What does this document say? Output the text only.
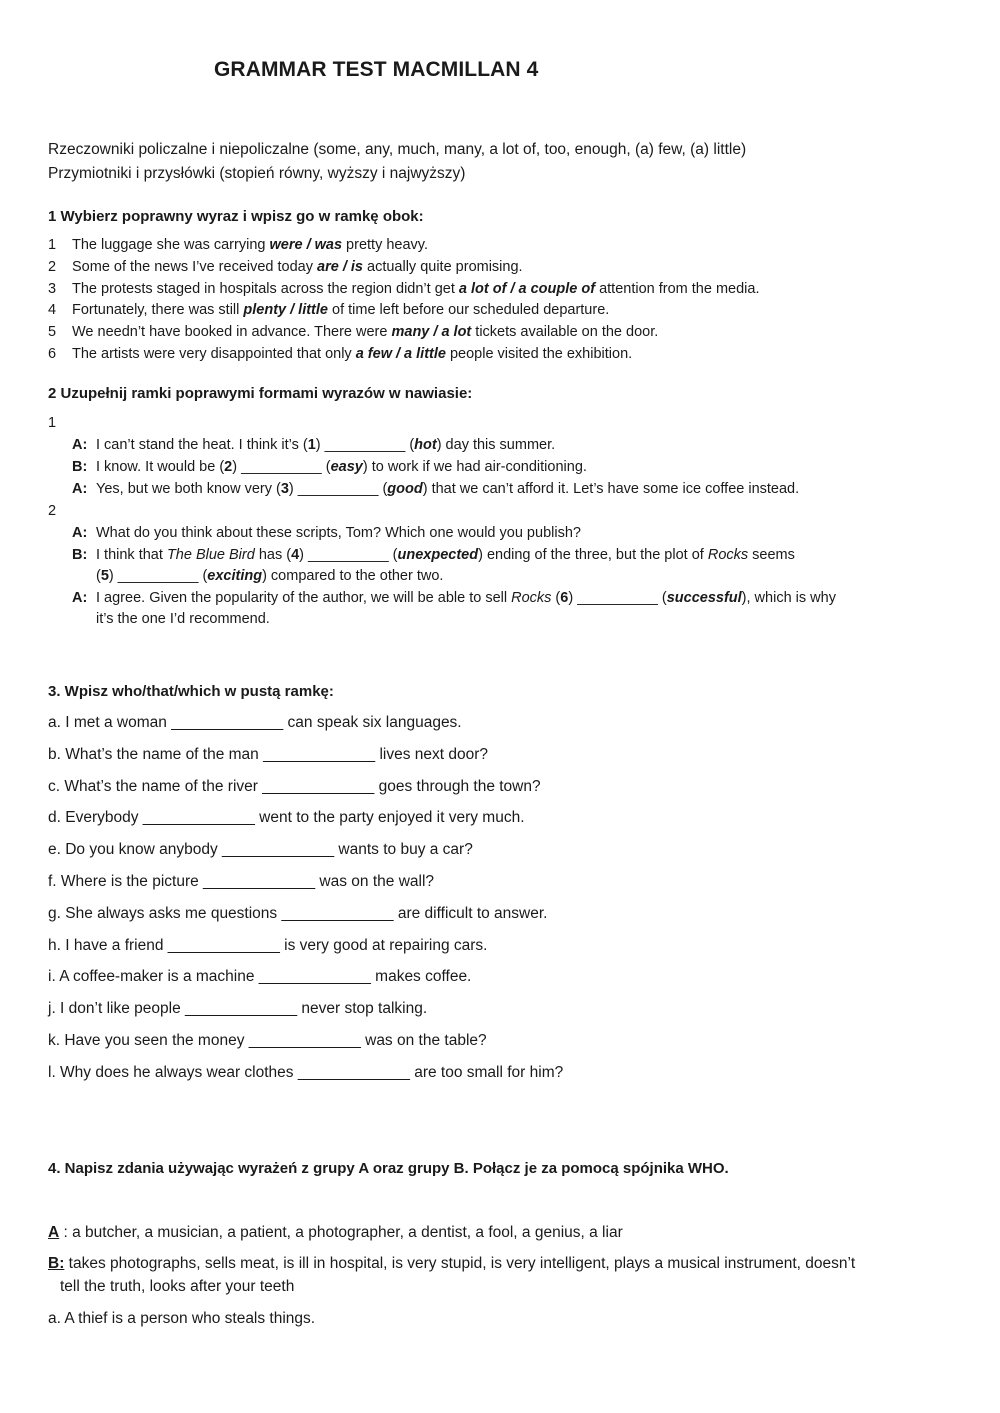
GRAMMAR TEST MACMILLAN 4
Rzeczowniki policzalne i niepoliczalne (some, any, much, many, a lot of, too, enough, (a) few, (a) little)
Przymiotniki i przysłówki (stopień równy, wyższy i najwyższy)
1 Wybierz poprawny wyraz i wpisz go w ramkę obok:
1 The luggage she was carrying were / was pretty heavy.
2 Some of the news I’ve received today are / is actually quite promising.
3 The protests staged in hospitals across the region didn’t get a lot of / a couple of attention from the media.
4 Fortunately, there was still plenty / little of time left before our scheduled departure.
5 We needn’t have booked in advance. There were many / a lot tickets available on the door.
6 The artists were very disappointed that only a few / a little people visited the exhibition.
2 Uzupełnij ramki poprawymi formami wyrazów w nawiasie:
1
A: I can’t stand the heat. I think it’s (1) __________ (hot) day this summer.
B: I know. It would be (2) __________ (easy) to work if we had air-conditioning.
A: Yes, but we both know very (3) __________ (good) that we can’t afford it. Let’s have some ice coffee instead.
2
A: What do you think about these scripts, Tom? Which one would you publish?
B: I think that The Blue Bird has (4) __________ (unexpected) ending of the three, but the plot of Rocks seems
(5) __________ (exciting) compared to the other two.
A: I agree. Given the popularity of the author, we will be able to sell Rocks (6) __________ (successful), which is why
it’s the one I’d recommend.
3. Wpisz who/that/which w pustą ramkę:
a. I met a woman _____________ can speak six languages.
b. What’s the name of the man _____________ lives next door?
c. What’s the name of the river _____________ goes through the town?
d. Everybody _____________ went to the party enjoyed it very much.
e. Do you know anybody _____________ wants to buy a car?
f. Where is the picture _____________ was on the wall?
g. She always asks me questions _____________ are difficult to answer.
h. I have a friend _____________ is very good at repairing cars.
i. A coffee-maker is a machine _____________ makes coffee.
j. I don’t like people _____________ never stop talking.
k. Have you seen the money _____________ was on the table?
l. Why does he always wear clothes _____________ are too small for him?
4. Napisz zdania używając wyrażeń z grupy A oraz grupy B. Połącz je za pomocą spójnika WHO.
A : a butcher, a musician, a patient, a photographer, a dentist, a fool, a genius, a liar
B: takes photographs, sells meat, is ill in hospital, is very stupid, is very intelligent, plays a musical instrument, doesn’t
tell the truth, looks after your teeth
a. A thief is a person who steals things.
